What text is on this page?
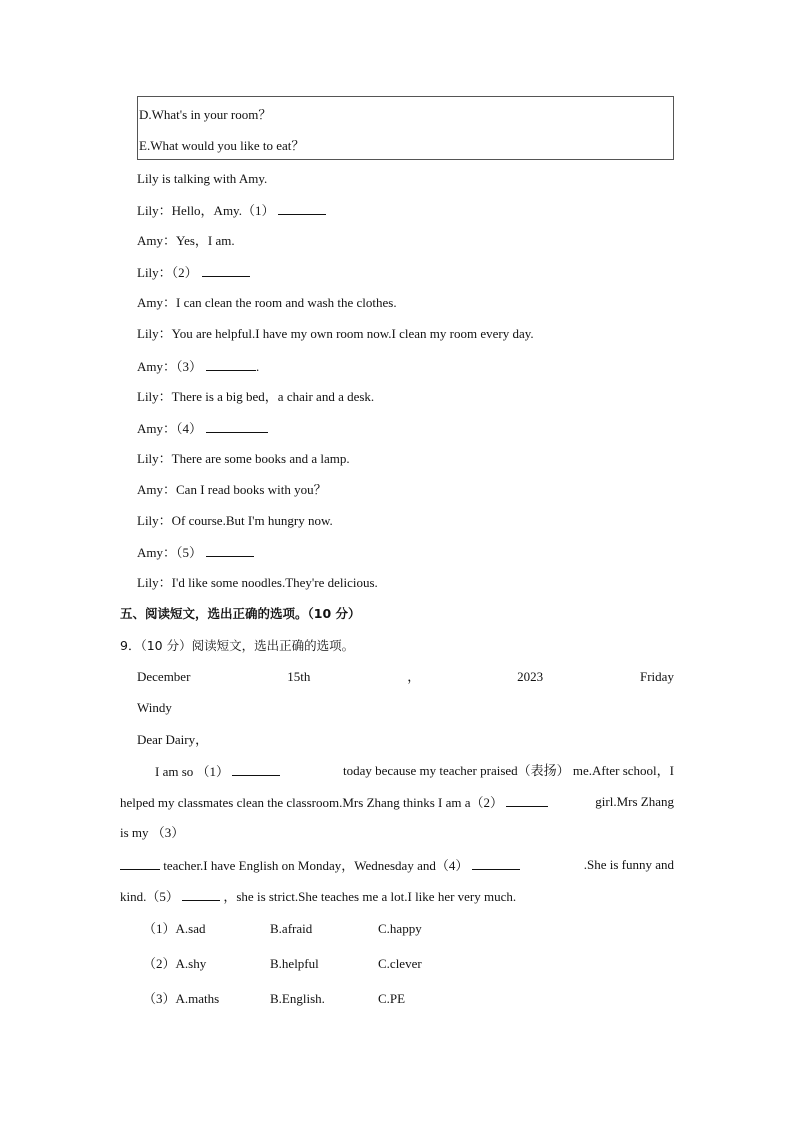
D.What's in your room？
E.What would you like to eat？
Lily is talking with Amy.
Lily：Hello，Amy.（1）
Amy：Yes，I am.
Lily：（2）
Amy：I can clean the room and wash the clothes.
Lily：You are helpful.I have my own room now.I clean my room every day.
Amy：（3）	.
Lily：There is a big bed，a chair and a desk.
Amy：（4）
Lily：There are some books and a lamp.
Amy：Can I read books with you？
Lily：Of course.But I'm hungry now.
Amy：（5）
Lily：I'd like some noodles.They're delicious.
五、阅读短文，选出正确的选项。（10 分）
9．（10 分）阅读短文，选出正确的选项。
December	15th	，	2023	Friday
Windy
Dear Dairy，
I am so （1）	today because my teacher praised（表扬） me.After school，I
helped my classmates clean the classroom.Mrs Zhang thinks I am a（2）	girl.Mrs Zhang
is my （3）
teacher.I have English on Monday，Wednesday and（4）	.She is funny and
kind.（5）	，she is strict.She teaches me a lot.I like her very much.
（1）A.sad	B.afraid	C.happy
（2）A.shy	B.helpful	C.clever
（3）A.maths	B.English.	C.PE
